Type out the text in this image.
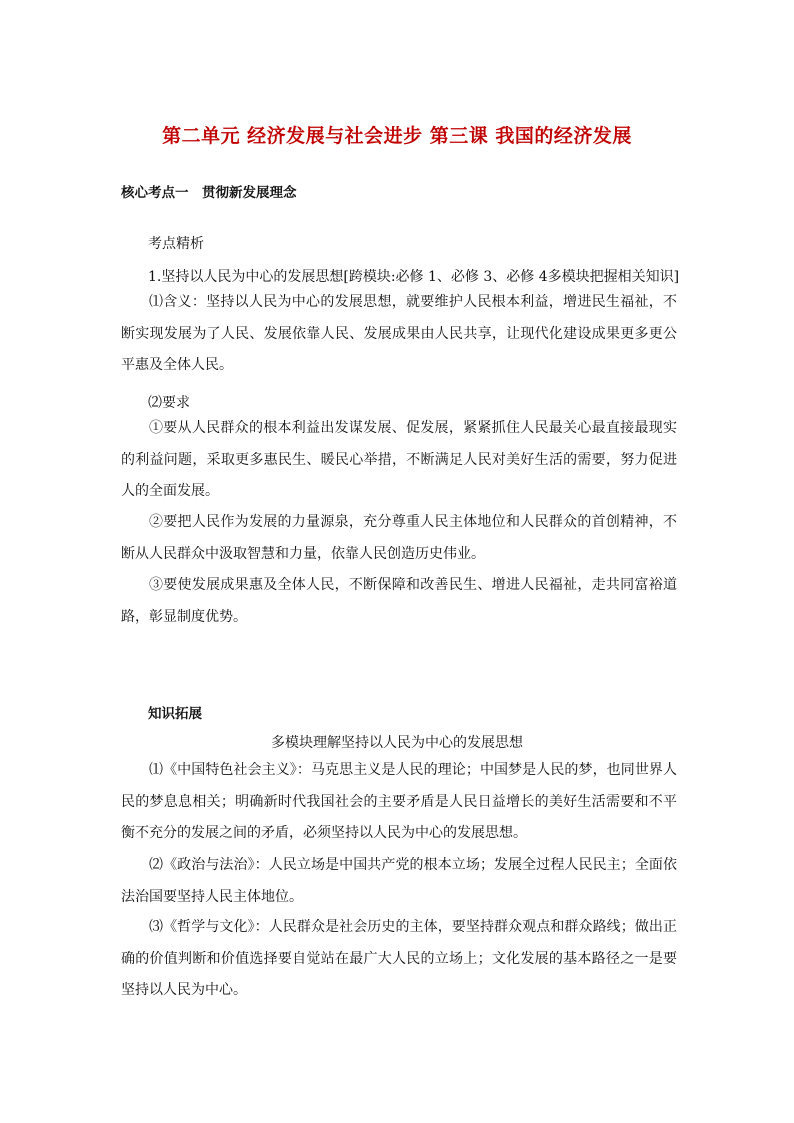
第二单元 经济发展与社会进步 第三课 我国的经济发展
核心考点一　贯彻新发展理念

考点精析

1.坚持以人民为中心的发展思想[跨模块:必修 1、必修 3、必修 4多模块把握相关知识]

⑴含义：坚持以人民为中心的发展思想，就要维护人民根本利益，增进民生福祉，不断实现发展为了人民、发展依靠人民、发展成果由人民共享，让现代化建设成果更多更公平惠及全体人民。

⑵要求

①要从人民群众的根本利益出发谋发展、促发展，紧紧抓住人民最关心最直接最现实的利益问题，采取更多惠民生、暖民心举措，不断满足人民对美好生活的需要，努力促进人的全面发展。

②要把人民作为发展的力量源泉，充分尊重人民主体地位和人民群众的首创精神，不断从人民群众中汲取智慧和力量，依靠人民创造历史伟业。

③要使发展成果惠及全体人民，不断保障和改善民生、增进人民福祉，走共同富裕道路，彰显制度优势。

知识拓展

多模块理解坚持以人民为中心的发展思想

⑴《中国特色社会主义》：马克思主义是人民的理论；中国梦是人民的梦，也同世界人民的梦息息相关；明确新时代我国社会的主要矛盾是人民日益增长的美好生活需要和不平衡不充分的发展之间的矛盾，必须坚持以人民为中心的发展思想。

⑵《政治与法治》：人民立场是中国共产党的根本立场；发展全过程人民民主；全面依法治国要坚持人民主体地位。

⑶《哲学与文化》：人民群众是社会历史的主体，要坚持群众观点和群众路线；做出正确的价值判断和价值选择要自觉站在最广大人民的立场上；文化发展的基本路径之一是要坚持以人民为中心。
